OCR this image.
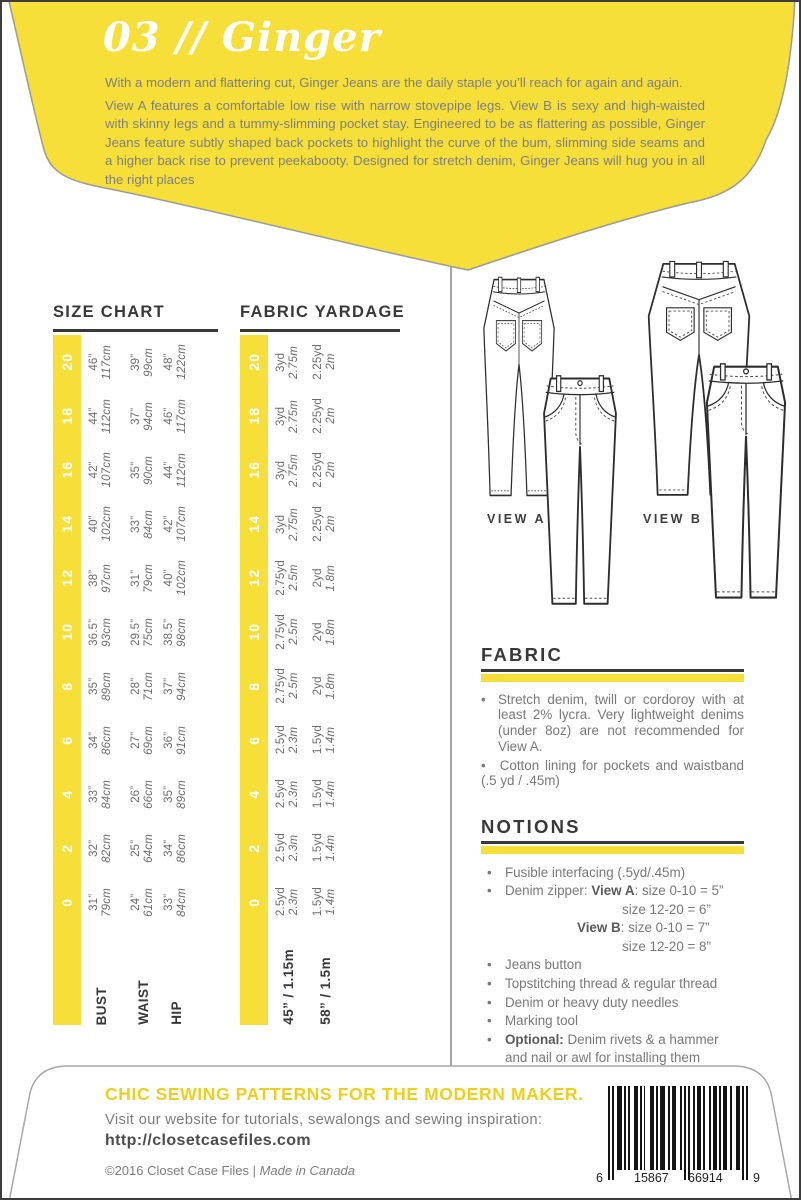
03 // Ginger
With a modern and flattering cut, Ginger Jeans are the daily staple you’ll reach for again and again.
View A features a comfortable low rise with narrow stovepipe legs. View B is sexy and high-waisted with skinny legs and a tummy-slimming pocket stay. Engineered to be as flattering as possible, Ginger Jeans feature subtly shaped back pockets to highlight the curve of the bum, slimming side seams and a higher back rise to prevent peekabooty. Designed for stretch denim, Ginger Jeans will hug you in all the right places
SIZE CHART
20
18
16
14
12
10
8
6
4
2
0
46”
117cm
44”
112cm
42”
107cm
40”
102cm
38”
97cm
36.5”
93cm
35”
89cm
34”
86cm
33”
84cm
32”
82cm
31”
79cm
BUST
39”
99cm
37”
94cm
35”
90cm
33”
84cm
31”
79cm
29.5”
75cm
28”
71cm
27”
69cm
26”
66cm
25”
64cm
24”
61cm
WAIST
48”
122cm
46”
117cm
44”
112cm
42”
107cm
40”
102cm
38.5”
98cm
37”
94cm
36”
91cm
35”
89cm
34”
86cm
33”
84cm
HIP
FABRIC YARDAGE
20
18
16
14
12
10
8
6
4
2
0
3yd
2.75m
3yd
2.75m
3yd
2.75m
3yd
2.75m
2.75yd
2.5m
2.75yd
2.5m
2.75yd
2.5m
2.5yd
2.3m
2.5yd
2.3m
2.5yd
2.3m
2.5yd
2.3m
45” / 1.15m
2.25yd
2m
2.25yd
2m
2.25yd
2m
2.25yd
2m
2yd
1.8m
2yd
1.8m
2yd
1.8m
1.5yd
1.4m
1.5yd
1.4m
1.5yd
1.4m
1.5yd
1.4m
58” / 1.5m
VIEW A	VIEW B
FABRIC
• Stretch denim, twill or cordoroy with at least 2% lycra. Very lightweight denims (under 8oz) are not recommended for View A.
• Cotton lining for pockets and waistband (.5 yd / .45m)
NOTIONS
• Fusible interfacing (.5yd/.45m)
• Denim zipper: View A: size 0-10 = 5”
size 12-20 = 6”
View B: size 0-10 = 7”
size 12-20 = 8”
• Jeans button
• Topstitching thread & regular thread
• Denim or heavy duty needles
• Marking tool
• Optional: Denim rivets & a hammer and nail or awl for installing them
CHIC SEWING PATTERNS FOR THE MODERN MAKER.
Visit our website for tutorials, sewalongs and sewing inspiration:
http://closetcasefiles.com
©2016 Closet Case Files | Made in Canada	6 15867 66914 9
